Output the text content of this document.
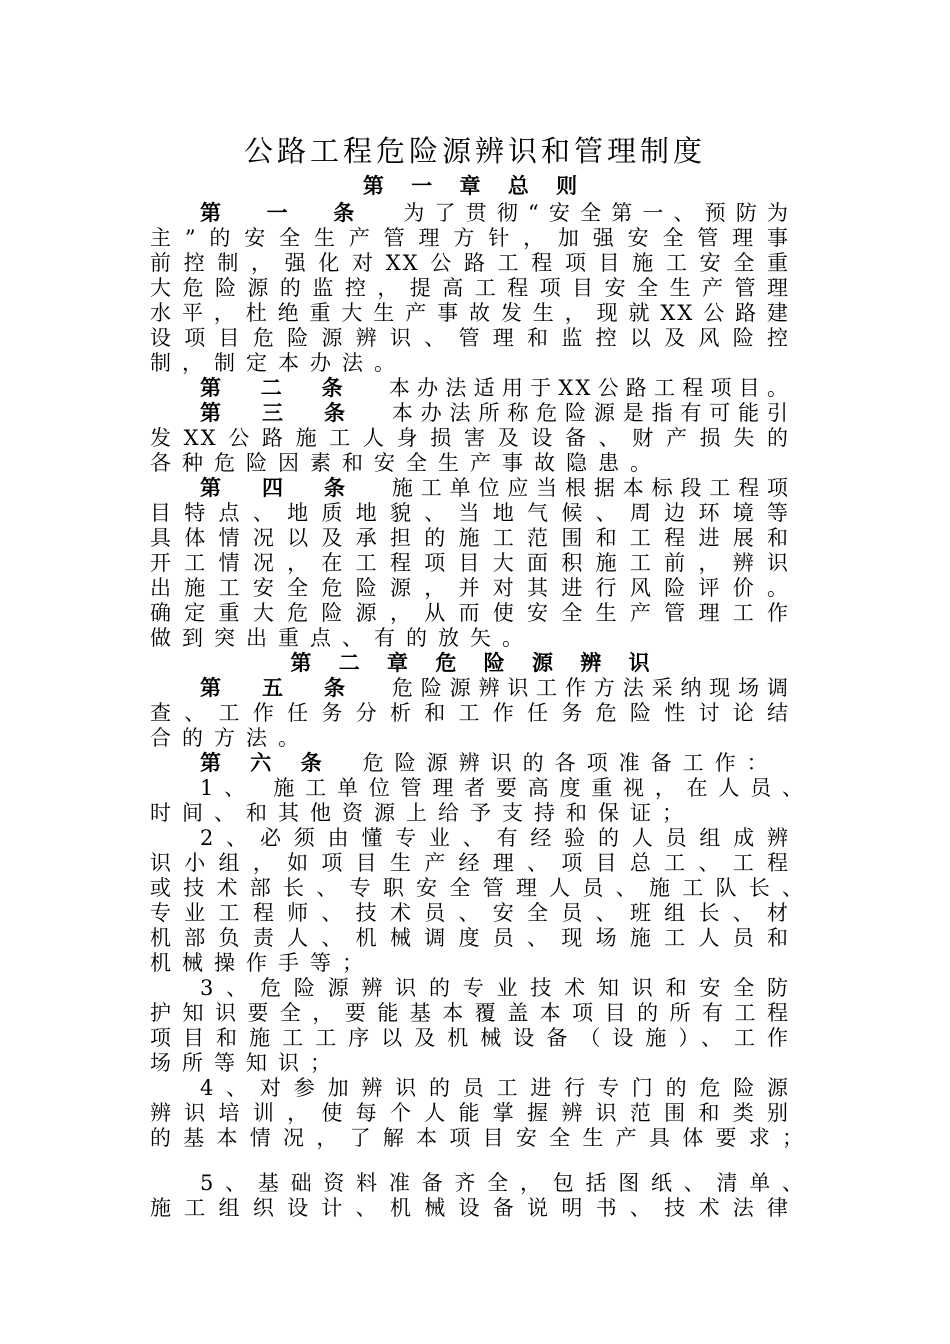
公路工程危险源辨识和管理制度
第 一 章 总 则
第 一 条 为了贯彻“安全第一、预防为
主”的安全生产管理方针，加强安全管理事
前控制，强化对XX公路工程项目施工安全重
大危险源的监控，提高工程项目安全生产管理
水平，杜绝重大生产事故发生，现就XX公路建
设项目危险源辨识、管理和监控以及风险控
制，制定本办法。
第 二 条 本办法适用于XX公路工程项目。
第 三 条 本办法所称危险源是指有可能引
发XX公路施工人身损害及设备、财产损失的
各种危险因素和安全生产事故隐患。
第 四 条 施工单位应当根据本标段工程项
目特点、地质地貌、当地气候、周边环境等
具体情况以及承担的施工范围和工程进展和
开工情况，在工程项目大面积施工前，辨识
出施工安全危险源，并对其进行风险评价。
确定重大危险源，从而使安全生产管理工作
做到突出重点、有的放矢。
第 二 章 危 险 源 辨 识
第 五 条 危险源辨识工作方法采纳现场调
查、工作任务分析和工作任务危险性讨论结
合的方法。
第 六 条 危险源辨识的各项准备工作：
1、 施工单位管理者要高度重视，在人员、
时间、和其他资源上给予支持和保证；
2、必须由懂专业、有经验的人员组成辨
识小组，如项目生产经理、项目总工、工程
或技术部长、专职安全管理人员、施工队长、
专业工程师、技术员、安全员、班组长、材
机部负责人、机械调度员、现场施工人员和
机械操作手等；
3、危险源辨识的专业技术知识和安全防
护知识要全，要能基本覆盖本项目的所有工程
项目和施工工序以及机械设备（设施）、工作
场所等知识；
4、对参加辨识的员工进行专门的危险源
辨识培训，使每个人能掌握辨识范围和类别
的基本情况，了解本项目安全生产具体要求；
5、基础资料准备齐全，包括图纸、清单、
施工组织设计、机械设备说明书、技术法律
